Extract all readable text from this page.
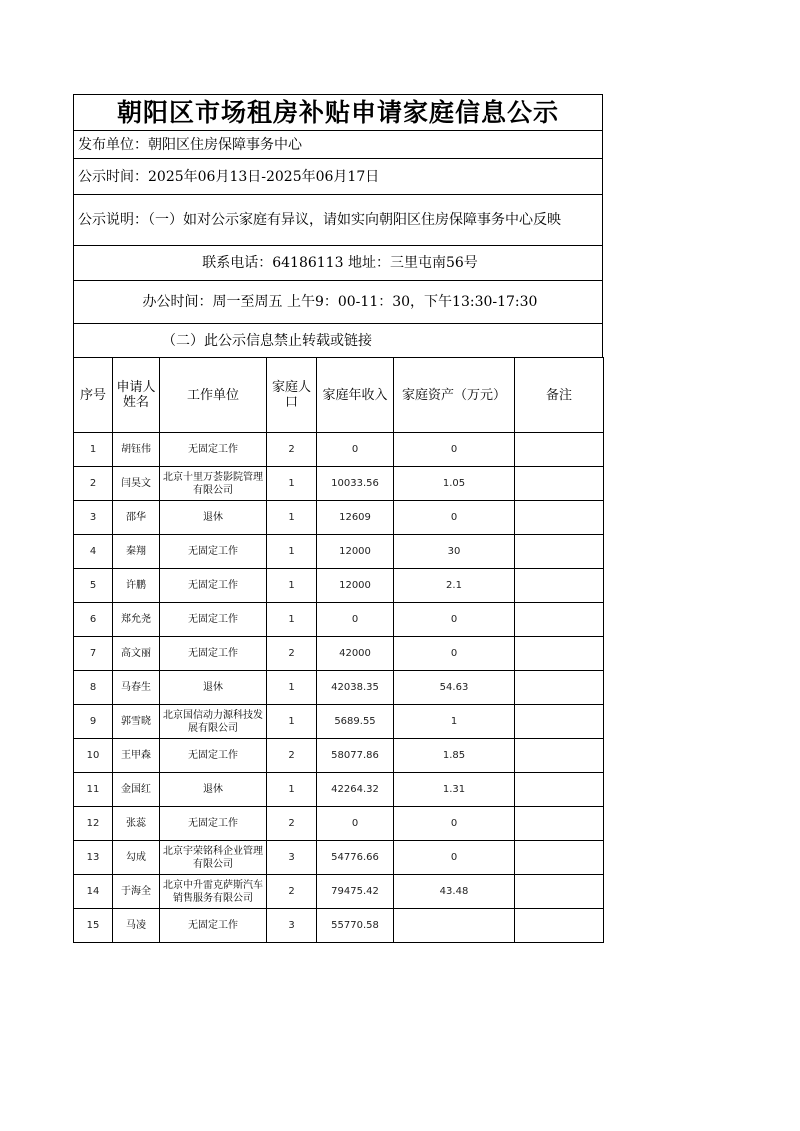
朝阳区市场租房补贴申请家庭信息公示
发布单位：朝阳区住房保障事务中心
公示时间：2025年06月13日-2025年06月17日
公示说明：（一）如对公示家庭有异议，请如实向朝阳区住房保障事务中心反映
联系电话：64186113 地址：三里屯南56号
办公时间：周一至周五 上午9：00-11：30，下午13:30-17:30
（二）此公示信息禁止转载或链接
序号	申请人姓名	工作单位	家庭人口	家庭年收入	家庭资产（万元）	备注
1	胡钰伟	无固定工作	2	0	0	
2	闫昊文	北京十里万荟影院管理有限公司	1	10033.56	1.05	
3	邵华	退休	1	12609	0	
4	秦翔	无固定工作	1	12000	30	
5	许鹏	无固定工作	1	12000	2.1	
6	郑允尧	无固定工作	1	0	0	
7	高文丽	无固定工作	2	42000	0	
8	马春生	退休	1	42038.35	54.63	
9	郭雪晓	北京国信动力源科技发展有限公司	1	5689.55	1	
10	王甲森	无固定工作	2	58077.86	1.85	
11	金国红	退休	1	42264.32	1.31	
12	张蕊	无固定工作	2	0	0	
13	勾成	北京宇荣铭科企业管理有限公司	3	54776.66	0	
14	于海全	北京中升雷克萨斯汽车销售服务有限公司	2	79475.42	43.48	
15	马凌	无固定工作	3	55770.58		
